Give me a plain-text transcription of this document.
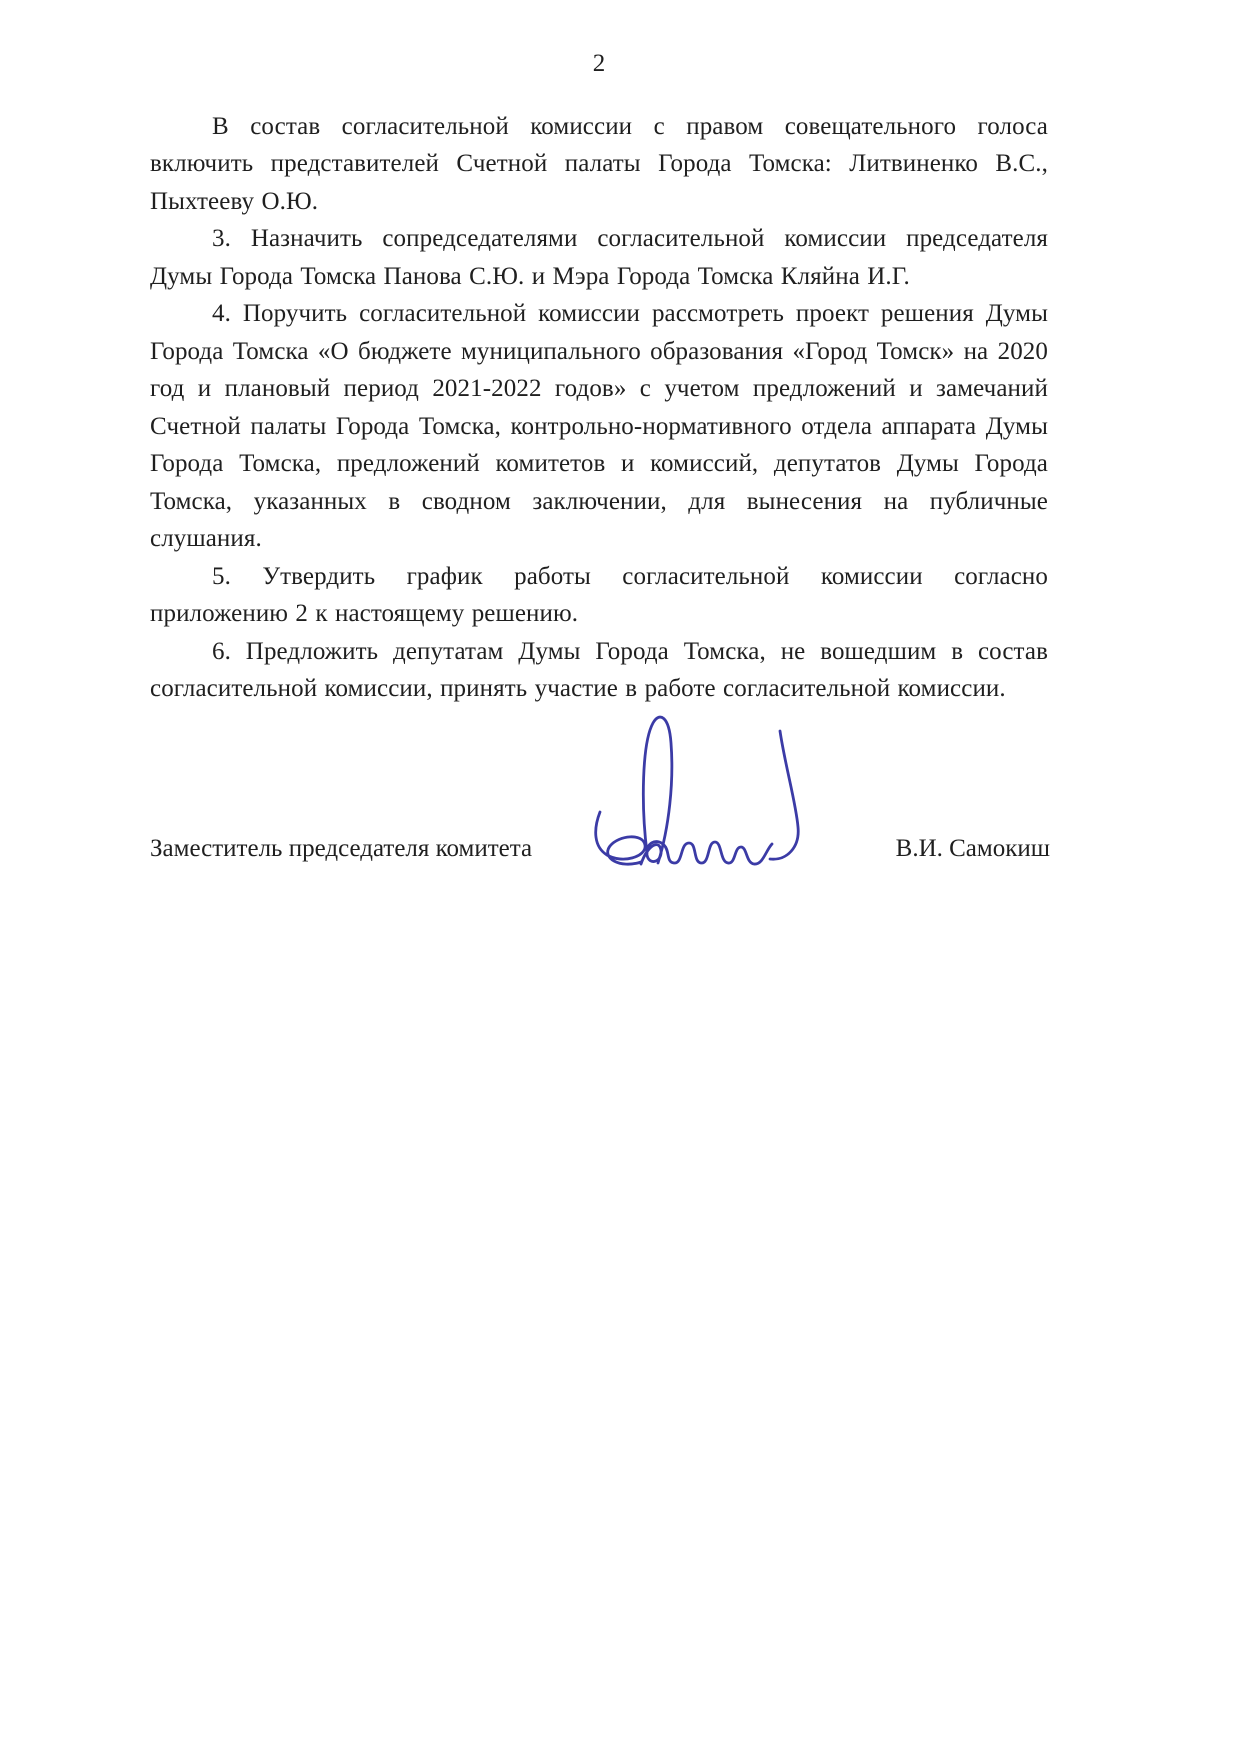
2

В состав согласительной комиссии с правом совещательного голоса включить представителей Счетной палаты Города Томска: Литвиненко В.С., Пыхтееву О.Ю.

3. Назначить сопредседателями согласительной комиссии председателя Думы Города Томска Панова С.Ю. и Мэра Города Томска Кляйна И.Г.

4. Поручить согласительной комиссии рассмотреть проект решения Думы Города Томска «О бюджете муниципального образования «Город Томск» на 2020 год и плановый период 2021-2022 годов» с учетом предложений и замечаний Счетной палаты Города Томска, контрольно-нормативного отдела аппарата Думы Города Томска, предложений комитетов и комиссий, депутатов Думы Города Томска, указанных в сводном заключении, для вынесения на публичные слушания.

5. Утвердить график работы согласительной комиссии согласно приложению 2 к настоящему решению.

6. Предложить депутатам Думы Города Томска, не вошедшим в состав согласительной комиссии, принять участие в работе согласительной комиссии.

Заместитель председателя комитета	В.И. Самокиш
